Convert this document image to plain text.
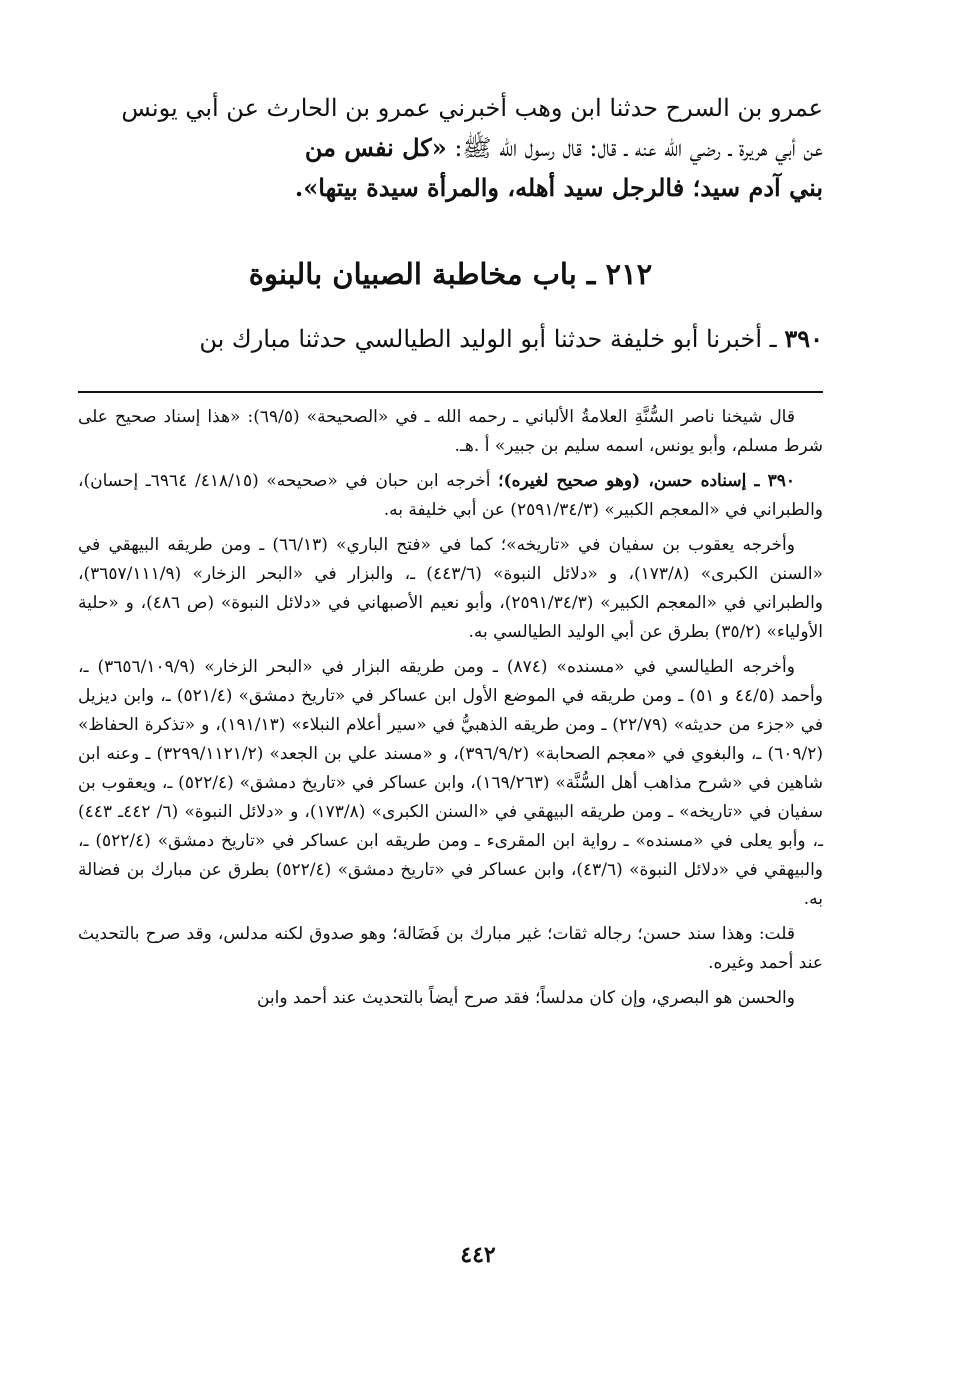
عمرو بن السرح حدثنا ابن وهب أخبرني عمرو بن الحارث عن أبي يونس

عن أبي هريرة ـ رضي الله عنه ـ قال: قال رسول الله ﷺ: «كل نفس من

بني آدم سيد؛ فالرجل سيد أهله، والمرأة سيدة بيتها».

٢١٢ ـ باب مخاطبة الصبيان بالبنوة
٣٩٠ ـ أخبرنا أبو خليفة حدثنا أبو الوليد الطيالسي حدثنا مبارك بن

قال شيخنا ناصر السُّنَّةِ العلامةُ الألباني ـ رحمه الله ـ في «الصحيحة» (٦٩/٥): «هذا إسناد صحيح على شرط مسلم، وأبو يونس، اسمه سليم بن جبير» أ .هـ.

٣٩٠ ـ إسناده حسن، (وهو صحيح لغيره)؛ أخرجه ابن حبان في «صحيحه» (٤١٨/١٥/ ٦٩٦٤ـ إحسان)، والطبراني في «المعجم الكبير» (٢٥٩١/٣٤/٣) عن أبي خليفة به.

وأخرجه يعقوب بن سفيان في «تاريخه»؛ كما في «فتح الباري» (٦٦/١٣) ـ ومن طريقه البيهقي في «السنن الكبرى» (١٧٣/٨)، و «دلائل النبوة» (٤٤٣/٦) ـ، والبزار في «البحر الزخار» (٣٦٥٧/١١١/٩)، والطبراني في «المعجم الكبير» (٢٥٩١/٣٤/٣)، وأبو نعيم الأصبهاني في «دلائل النبوة» (ص ٤٨٦)، و «حلية الأولياء» (٣٥/٢) بطرق عن أبي الوليد الطيالسي به.

وأخرجه الطيالسي في «مسنده» (٨٧٤) ـ ومن طريقه البزار في «البحر الزخار» (٣٦٥٦/١٠٩/٩) ـ، وأحمد (٤٤/٥ و ٥١) ـ ومن طريقه في الموضع الأول ابن عساكر في «تاريخ دمشق» (٥٢١/٤) ـ، وابن ديزيل في «جزء من حديثه» (٢٢/٧٩) ـ ومن طريقه الذهبيُّ في «سير أعلام النبلاء» (١٩١/١٣)، و «تذكرة الحفاظ» (٦٠٩/٢) ـ، والبغوي في «معجم الصحابة» (٣٩٦/٩/٢)، و «مسند علي بن الجعد» (٣٢٩٩/١١٢١/٢) ـ وعنه ابن شاهين في «شرح مذاهب أهل السُّنَّة» (١٦٩/٢٦٣)، وابن عساكر في «تاريخ دمشق» (٥٢٢/٤) ـ، ويعقوب بن سفيان في «تاريخه» ـ ومن طريقه البيهقي في «السنن الكبرى» (١٧٣/٨)، و «دلائل النبوة» (٦/ ٤٤٢ـ ٤٤٣) ـ، وأبو يعلى في «مسنده» ـ رواية ابن المقرىء ـ ومن طريقه ابن عساكر في «تاريخ دمشق» (٥٢٢/٤) ـ، والبيهقي في «دلائل النبوة» (٤٣/٦)، وابن عساكر في «تاريخ دمشق» (٥٢٢/٤) بطرق عن مبارك بن فضالة به.

قلت: وهذا سند حسن؛ رجاله ثقات؛ غير مبارك بن فَضَالة؛ وهو صدوق لكنه مدلس، وقد صرح بالتحديث عند أحمد وغيره.

والحسن هو البصري، وإن كان مدلساً؛ فقد صرح أيضاً بالتحديث عند أحمد وابن

٤٤٢
